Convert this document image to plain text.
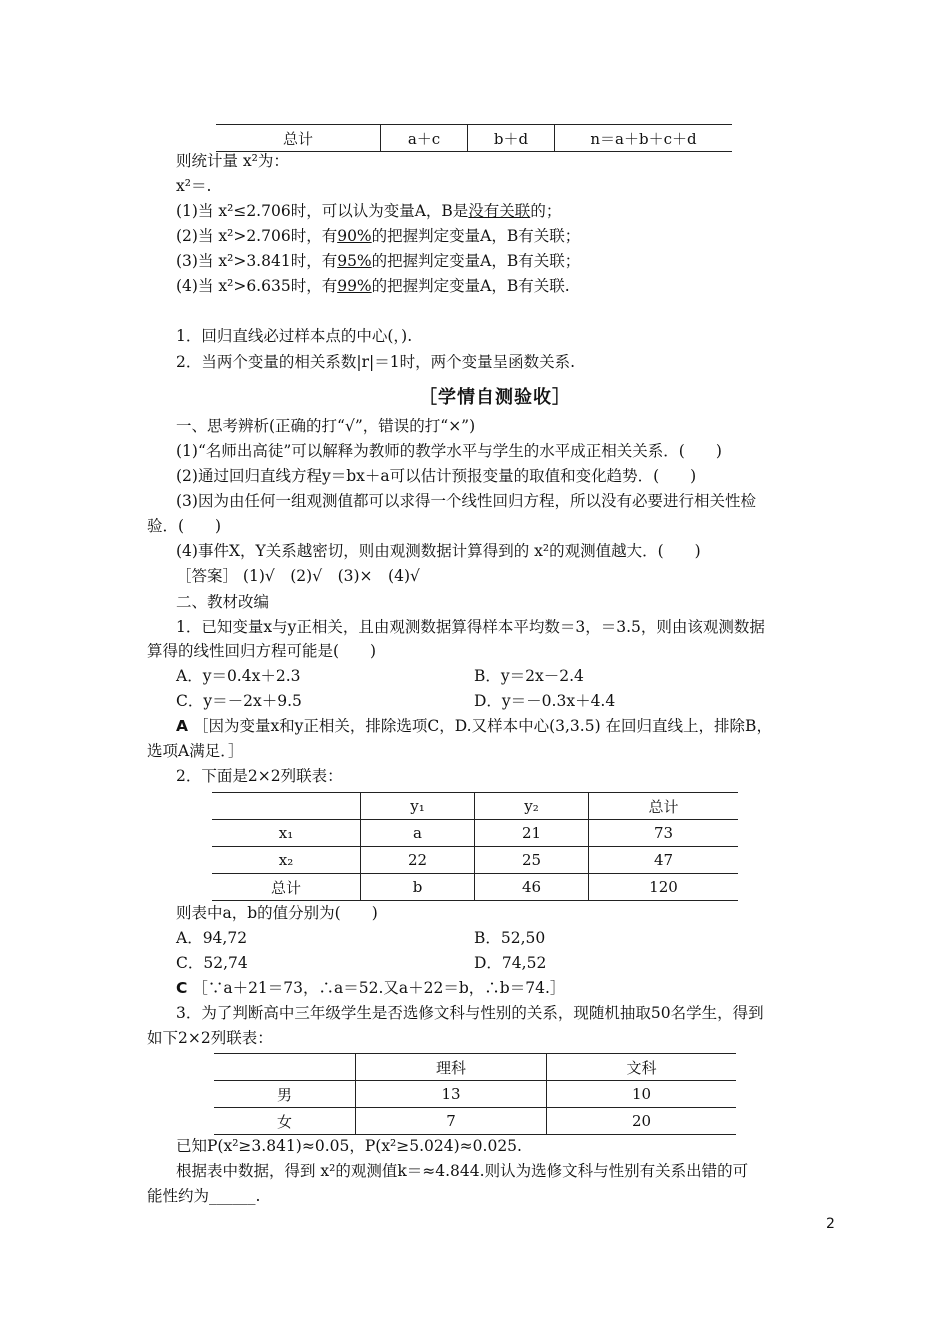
总计	a＋c	b＋d	n＝a＋b＋c＋d
则统计量 x²为：
x²＝.
(1)当 x²≤2.706时，可以认为变量A，B是没有关联的；
(2)当 x²>2.706时，有90%的把握判定变量A，B有关联；
(3)当 x²>3.841时，有95%的把握判定变量A，B有关联；
(4)当 x²>6.635时，有99%的把握判定变量A，B有关联.
1．回归直线必过样本点的中心(，).
2．当两个变量的相关系数|r|＝1时，两个变量呈函数关系.
［学情自测验收］
一、思考辨析(正确的打“√”，错误的打“×”)
(1)“名师出高徒”可以解释为教师的教学水平与学生的水平成正相关关系．(　　)
(2)通过回归直线方程y＝bx＋a可以估计预报变量的取值和变化趋势．(　　)
(3)因为由任何一组观测值都可以求得一个线性回归方程，所以没有必要进行相关性检
验．(　　)
(4)事件X，Y关系越密切，则由观测数据计算得到的 x²的观测值越大．(　　)
［答案］ (1)√　(2)√　(3)×　(4)√
二、教材改编
1．已知变量x与y正相关，且由观测数据算得样本平均数＝3，＝3.5，则由该观测数据
算得的线性回归方程可能是(　　)
A．y＝0.4x＋2.3	B．y＝2x－2.4
C．y＝－2x＋9.5	D．y＝－0.3x＋4.4
A ［因为变量x和y正相关，排除选项C，D.又样本中心(3,3.5) 在回归直线上，排除B，
选项A满足．］
2．下面是2×2列联表：
	y₁	y₂	总计
x₁	a	21	73
x₂	22	25	47
总计	b	46	120
则表中a，b的值分别为(　　)
A．94,72	B．52,50
C．52,74	D．74,52
C ［∵a＋21＝73，∴a＝52.又a＋22＝b，∴b＝74.］
3．为了判断高中三年级学生是否选修文科与性别的关系，现随机抽取50名学生，得到
如下2×2列联表：
	理科	文科
男	13	10
女	7	20
已知P(x²≥3.841)≈0.05，P(x²≥5.024)≈0.025.
根据表中数据，得到 x²的观测值k＝≈4.844.则认为选修文科与性别有关系出错的可
能性约为______.
2
